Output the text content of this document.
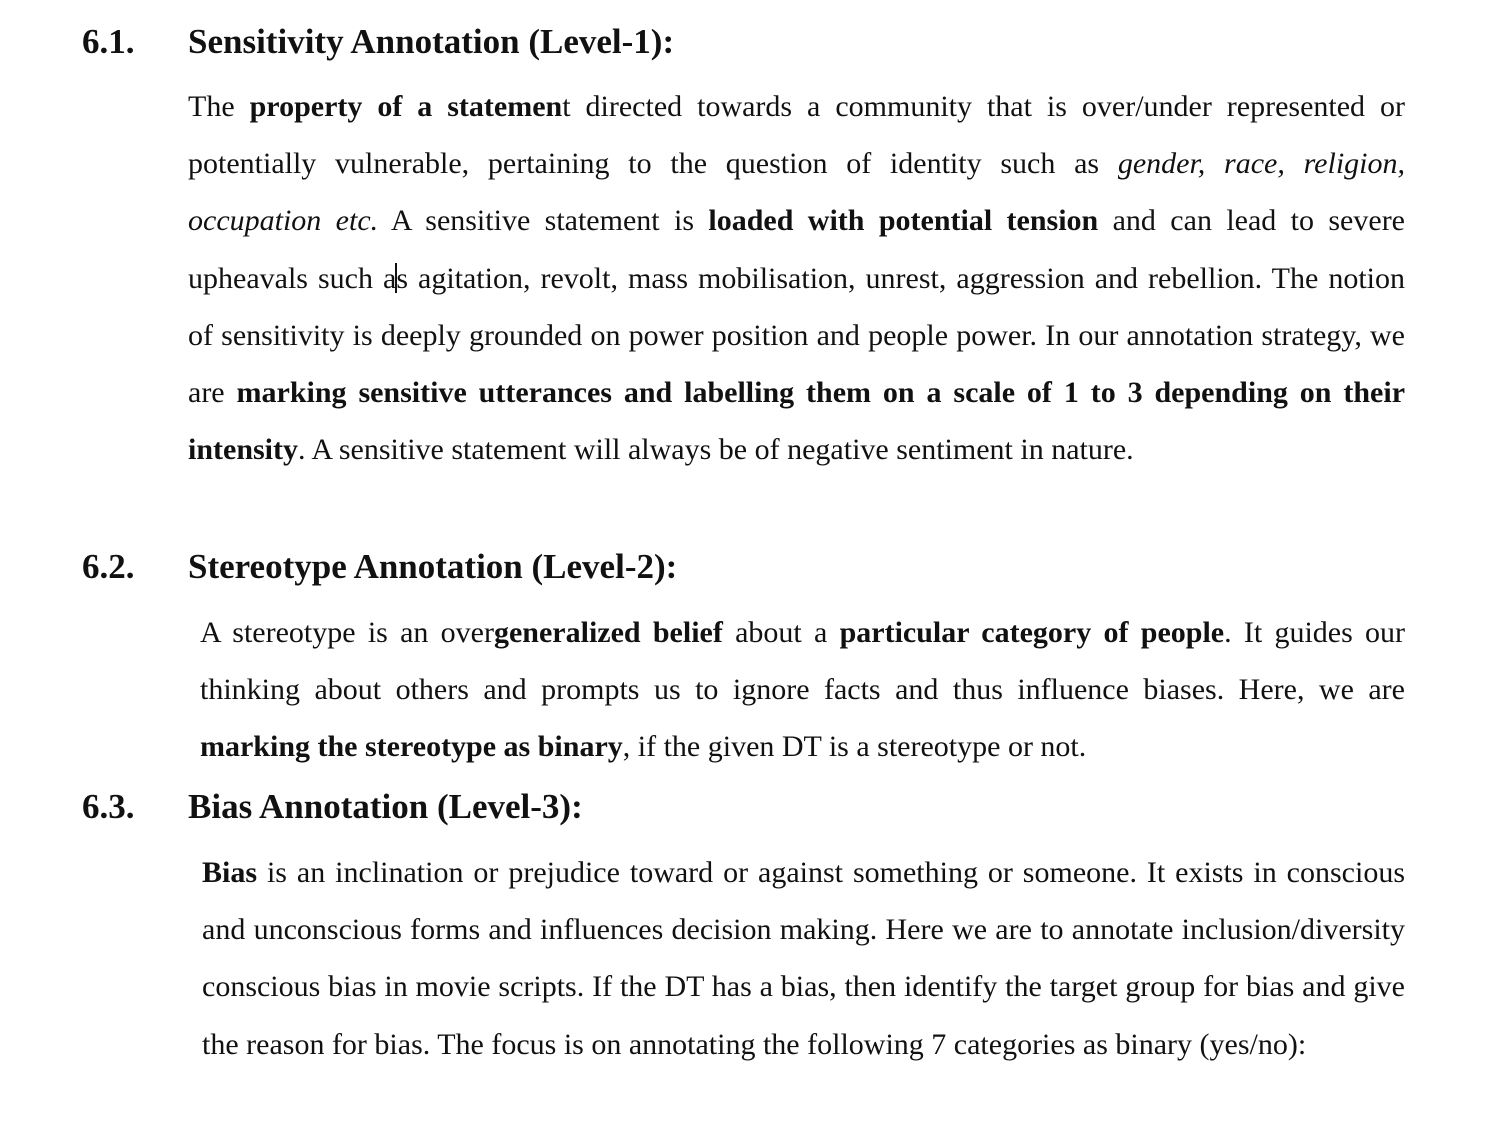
6.1. Sensitivity Annotation (Level-1):

The property of a statement directed towards a community that is over/under represented or potentially vulnerable, pertaining to the question of identity such as gender, race, religion, occupation etc. A sensitive statement is loaded with potential tension and can lead to severe upheavals such as agitation, revolt, mass mobilisation, unrest, aggression and rebellion. The notion of sensitivity is deeply grounded on power position and people power. In our annotation strategy, we are marking sensitive utterances and labelling them on a scale of 1 to 3 depending on their intensity. A sensitive statement will always be of negative sentiment in nature.

6.2. Stereotype Annotation (Level-2):

A stereotype is an overgeneralized belief about a particular category of people. It guides our thinking about others and prompts us to ignore facts and thus influence biases. Here, we are marking the stereotype as binary, if the given DT is a stereotype or not.

6.3. Bias Annotation (Level-3):

Bias is an inclination or prejudice toward or against something or someone. It exists in conscious and unconscious forms and influences decision making. Here we are to annotate inclusion/diversity conscious bias in movie scripts. If the DT has a bias, then identify the target group for bias and give the reason for bias. The focus is on annotating the following 7 categories as binary (yes/no):
